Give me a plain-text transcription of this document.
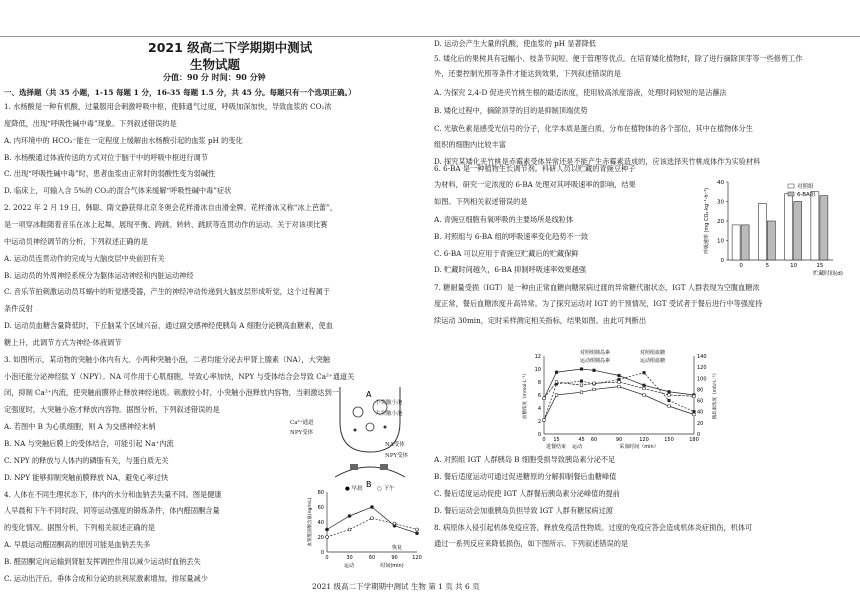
2021 级高二下学期期中测试
生物试题
分值：90 分 时间：90 分钟
一、选择题（共 35 小题，1-15 每题 1 分，16-35 每题 1.5 分，共 45 分。每题只有一个选项正确。）
1. 水杨酸是一种有机酸，过量服用会刺激呼吸中枢，使肺通气过度，呼吸加深加快，导致血浆的 CO₂浓
度降低，出现“呼吸性碱中毒”现象。下列叙述错误的是
A. 内环境中的 HCO₃⁻能在一定程度上缓解由水杨酸引起的血浆 pH 的变化
B. 水杨酸通过体液传送的方式对位于脑干中的呼吸中枢进行调节
C. 出现“呼吸性碱中毒”时，患者血浆由正常时的弱酸性变为弱碱性
D. 临床上，可输入含 5%的 CO₂的混合气体来缓解“呼吸性碱中毒”症状
2. 2022 年 2 月 19 日，韩聪、隋文静获得北京冬奥会花样滑冰自由滑金牌。花样滑冰又称“冰上芭蕾”，
是一项穿冰鞋随着音乐在冰上起舞，展现平衡、跨跳、转转、跳跃等连贯动作的运动。关于对该项比赛
中运动员神经调节的分析，下列叙述正确的是
A. 运动员连贯动作的完成与大脑皮层中央前回有关
B. 运动员的外周神经系统分为躯体运动神经和内脏运动神经
C. 音乐节拍刺激运动员耳蜗中的听觉感受器，产生的神经冲动传递到大脑皮层形成听觉，这个过程属于
条件反射
D. 运动员血糖含量降低时，下丘脑某个区域兴奋，通过副交感神经使胰岛 A 细胞分泌胰高血糖素，使血
糖上升，此调节方式为神经-体液调节
3. 如图所示，某动物的突触小体内有大、小两种突触小泡，二者均能分泌去甲肾上腺素（NA），大突触
小泡还能分泌神经肽 Y（NPY）。NA 可作用于心肌细胞，导致心率加快，NPY 与受体结合会导致 Ca²⁺通道关
闭，抑制 Ca²⁺内流，使突触前膜停止释放神经递质。刺激较小时，小突触小泡释放内容物，当刺激达到一
定强度时，大突触小泡才释放内容物。据图分析，下列叙述错误的是
A. 若图中 B 为心肌细胞，则 A 为交感神经末梢
B. NA 与突触后膜上的受体结合，可能引起 Na⁺内流
C. NPY 的释放与人体内的磷脂有关，与蛋白质无关
D. NPY 能够抑制突触前膜释放 NA，避免心率过快
4. 人体在不同生理状态下，体内的水分和血钠丢失量不同。图是健康
人早晨和下午不同时段、同等运动强度的锻炼条件，体内醛固酮含量
的变化情况。据图分析，下列相关叙述正确的是
A. 早晨运动醛固酮高的原因可能是血钠丢失多
B. 醛固酮定向运输到肾脏发挥调控作用以减少运动时血钠丢失
C. 运动出汗后，垂体合成和分泌的抗利尿激素增加，排尿量减少
D. 运动会产生大量的乳酸，使血浆的 pH 显著降低
5. 矮化后的果树具有冠幅小、枝条节间短、便于管理等优点。在培育矮化植物时，除了进行摘除顶芽等一些修剪工作
外，还要控制光照等条件才能达到效果，下列叙述错误的是
A. 为探究 2,4-D 促进夹竹桃生根的最适浓度，使用较高浓度溶液，处理时间较短的是沾蘸法
B. 矮化过程中，摘除顶芽的目的是抑制顶端优势
C. 光敏色素是感受光信号的分子，化学本质是蛋白质，分布在植物体的各个部位，其中在植物体分生
组织的细胞内比较丰富
D. 探究某矮化夹竹桃是赤霉素受体异常还是不能产生赤霉素造成的，应该选择夹竹桃成体作为实验材料
6. 6-BA 是一种植物生长调节剂。科研人员以贮藏的青豌豆种子
为材料，研究一定浓度的 6-BA 处理对其呼吸速率的影响，结果
如图。下列相关叙述错误的是
A. 青豌豆细胞有氧呼吸的主要场所是线粒体
B. 对照组与 6-BA 组的呼吸速率变化趋势不一致
C. 6-BA 可以应用于青豌豆贮藏后的贮藏保鲜
D. 贮藏时间越久，6-BA 抑制呼吸速率效果越强
7. 糖耐量受损（IGT）是一种由正常血糖向糖尿病过渡的异常糖代谢状态，IGT 人群表现为空腹血糖浓
度正常，餐后血糖浓度升高异常。为了探究运动对 IGT 的干预情况，IGT 受试者于餐后进行中等强度持
续运动 30min，定时采样测定相关指标，结果如图。由此可判断出
A. 对照组 IGT 人群胰岛 B 细胞受损导致胰岛素分泌不足
B. 餐后适度运动可通过促进糖原的分解抑制餐后血糖峰值
C. 餐后适度运动促使 IGT 人群餐后胰岛素分泌峰值的提前
D. 餐后运动会加重胰岛负担导致 IGT 人群有糖尿病过渡
8. 病原体入侵引起机体免疫应答，释放免疫活性物质。过度的免疫应答会造成机体炎症损伤，机体可
通过一系列反应来降低损伤，如下图所示。下列叙述错误的是
A
B
小突触小泡
大突触小泡
Ca²⁺通道
NPY受体
NA受体
NPY受体
0
20
40
60
80
0	30	60	90	120
● 早晨	○ 下午
时间(min)
运动
恢复
血浆醛固酮含量(ng/mL)
0
10
20
30
40
0	5	10	15
对照组
6-BA组
贮藏时间(d)
呼吸速率 (mg CO₂·kg⁻¹·h⁻¹)
0
2
4
6
8
10
12
0
20
40
60
80
100
120
140
0 15	45 60	90	120	150	180
对照组胰岛素
运动组胰岛素
对照组血糖
运动组血糖
进餐结束 运动	采血时间（min）
血糖浓度（mmol·L⁻¹）	胰岛素浓度（mIU·L⁻¹）
2021 级高二下学期期中测试 生物 第 1 页 共 6 页
